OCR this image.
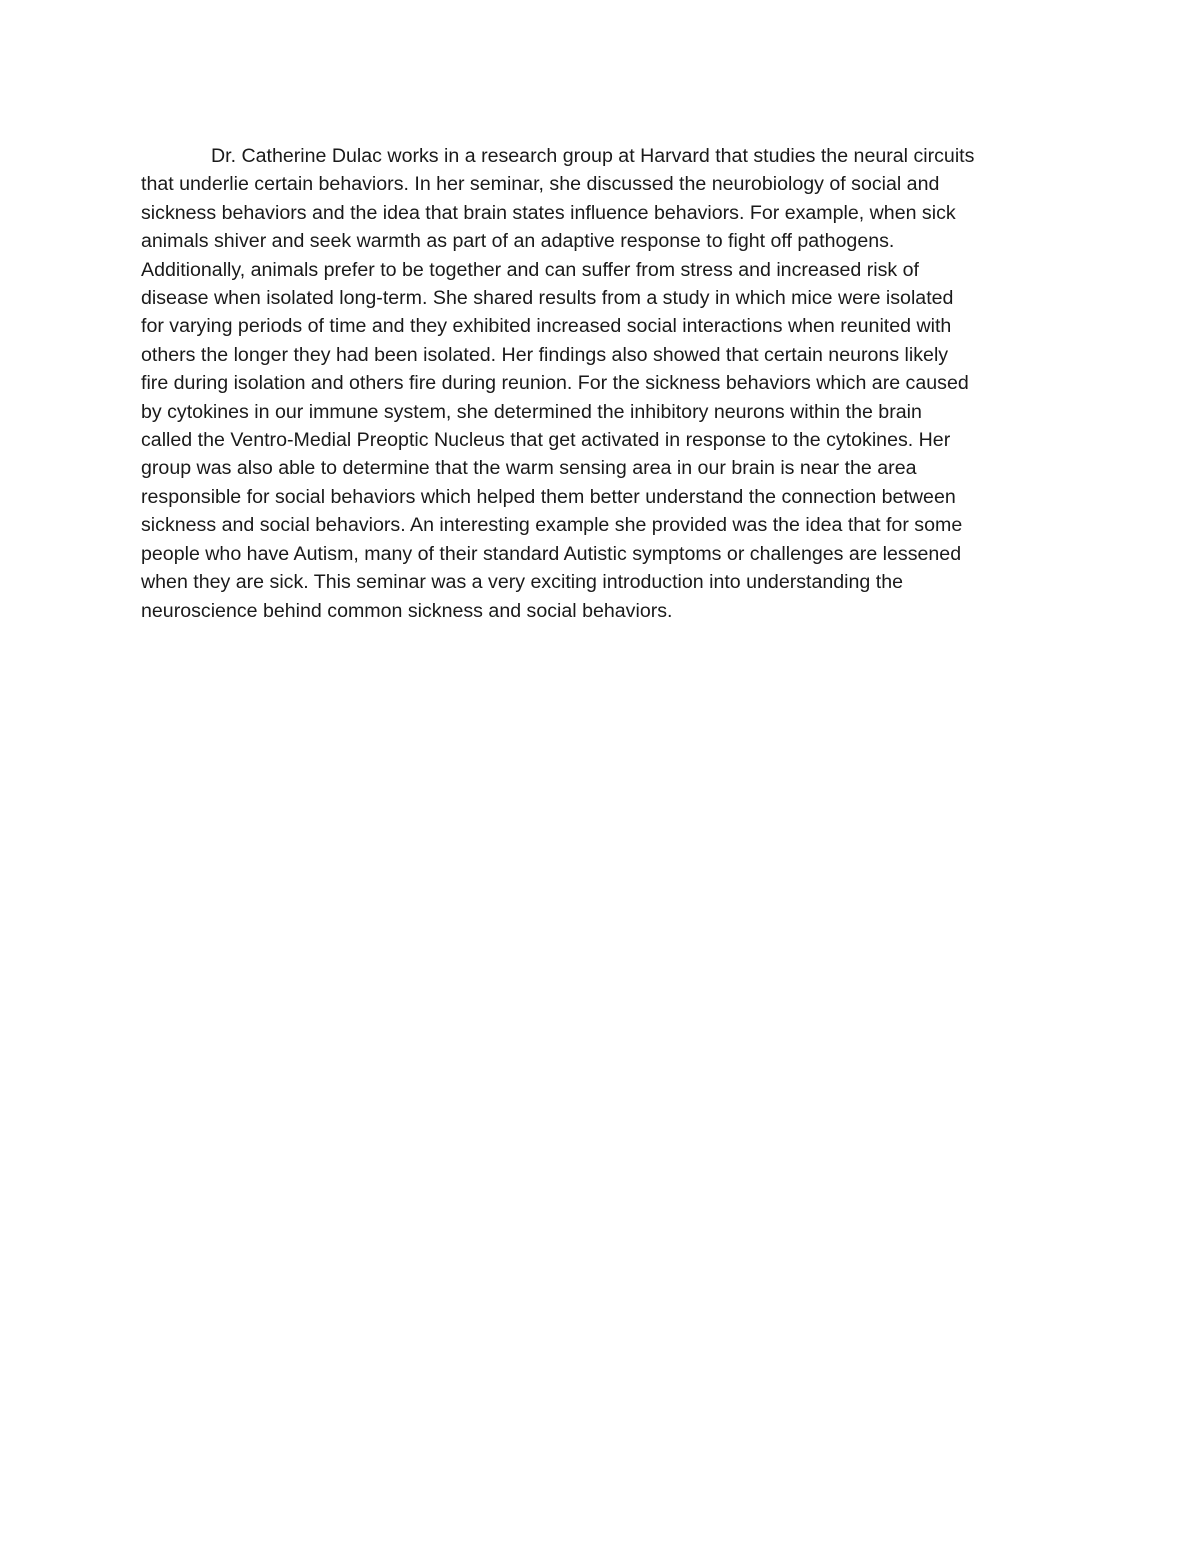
Dr. Catherine Dulac works in a research group at Harvard that studies the neural circuits
that underlie certain behaviors. In her seminar, she discussed the neurobiology of social and
sickness behaviors and the idea that brain states influence behaviors. For example, when sick
animals shiver and seek warmth as part of an adaptive response to fight off pathogens.
Additionally, animals prefer to be together and can suffer from stress and increased risk of
disease when isolated long-term. She shared results from a study in which mice were isolated
for varying periods of time and they exhibited increased social interactions when reunited with
others the longer they had been isolated. Her findings also showed that certain neurons likely
fire during isolation and others fire during reunion. For the sickness behaviors which are caused
by cytokines in our immune system, she determined the inhibitory neurons within the brain
called the Ventro-Medial Preoptic Nucleus that get activated in response to the cytokines. Her
group was also able to determine that the warm sensing area in our brain is near the area
responsible for social behaviors which helped them better understand the connection between
sickness and social behaviors. An interesting example she provided was the idea that for some
people who have Autism, many of their standard Autistic symptoms or challenges are lessened
when they are sick. This seminar was a very exciting introduction into understanding the
neuroscience behind common sickness and social behaviors.
